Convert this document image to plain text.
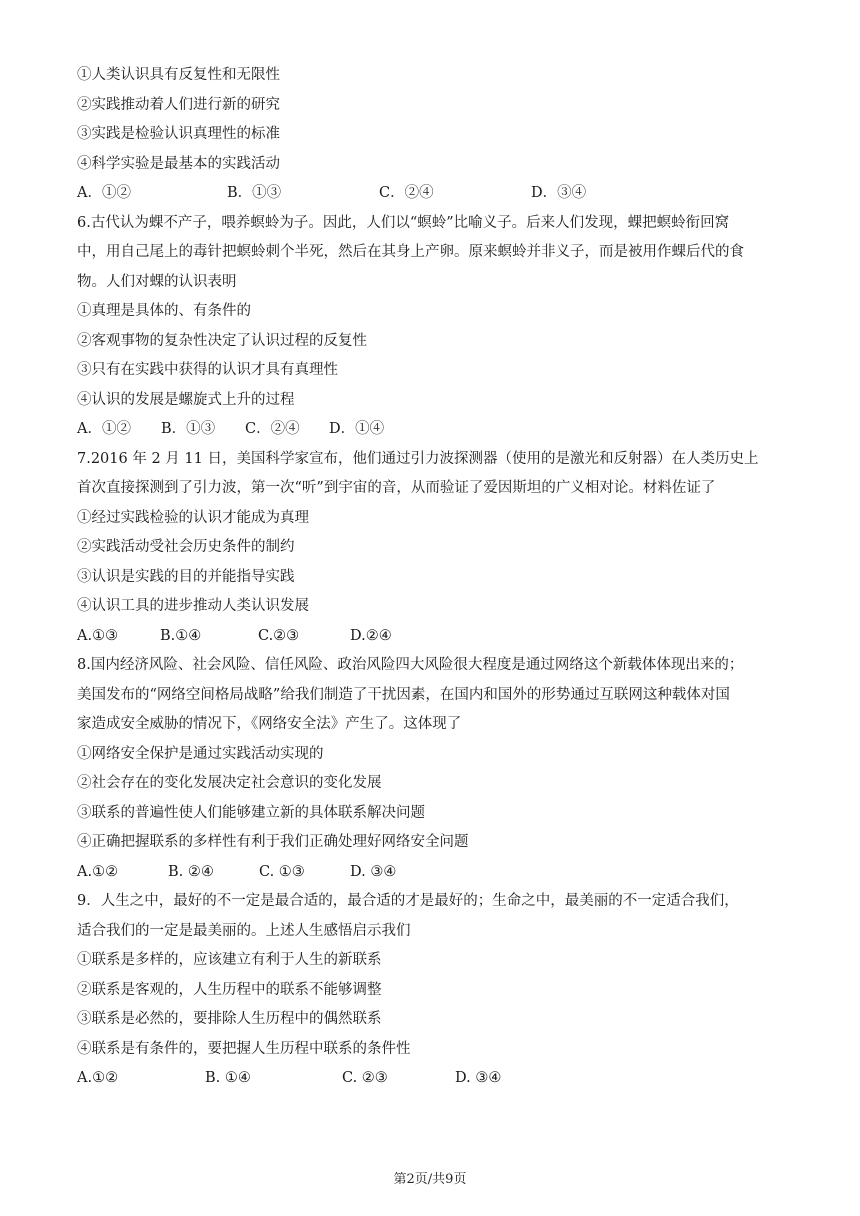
①人类认识具有反复性和无限性
②实践推动着人们进行新的研究
③实践是检验认识真理性的标准
④科学实验是最基本的实践活动
A．①②	B．①③	C．②④	D．③④
6.古代认为蜾不产子，喂养螟蛉为子。因此，人们以“螟蛉”比喻义子。后来人们发现，蜾把螟蛉衔回窝
中，用自己尾上的毒针把螟蛉刺个半死，然后在其身上产卵。原来螟蛉并非义子，而是被用作蜾后代的食
物。人们对蜾的认识表明
①真理是具体的、有条件的
②客观事物的复杂性决定了认识过程的反复性
③只有在实践中获得的认识才具有真理性
④认识的发展是螺旋式上升的过程
A．①②	B．①③	C．②④	D．①④
7.2016 年 2 月 11 日，美国科学家宣布，他们通过引力波探测器（使用的是激光和反射器）在人类历史上
首次直接探测到了引力波，第一次“听”到宇宙的音，从而验证了爱因斯坦的广义相对论。材料佐证了
①经过实践检验的认识才能成为真理
②实践活动受社会历史条件的制约
③认识是实践的目的并能指导实践
④认识工具的进步推动人类认识发展
A.①③	B.①④	C.②③	D.②④
8.国内经济风险、社会风险、信任风险、政治风险四大风险很大程度是通过网络这个新载体体现出来的；
美国发布的“网络空间格局战略”给我们制造了干扰因素，在国内和国外的形势通过互联网这种载体对国
家造成安全威胁的情况下，《网络安全法》产生了。这体现了
①网络安全保护是通过实践活动实现的
②社会存在的变化发展决定社会意识的变化发展
③联系的普遍性使人们能够建立新的具体联系解决问题
④正确把握联系的多样性有利于我们正确处理好网络安全问题
A.①②	B. ②④	C. ①③	D. ③④
9．人生之中，最好的不一定是最合适的，最合适的才是最好的；生命之中，最美丽的不一定适合我们，
适合我们的一定是最美丽的。上述人生感悟启示我们
①联系是多样的，应该建立有利于人生的新联系
②联系是客观的，人生历程中的联系不能够调整
③联系是必然的，要排除人生历程中的偶然联系
④联系是有条件的，要把握人生历程中联系的条件性
A.①②	B. ①④	C. ②③	D. ③④
第2页/共9页
